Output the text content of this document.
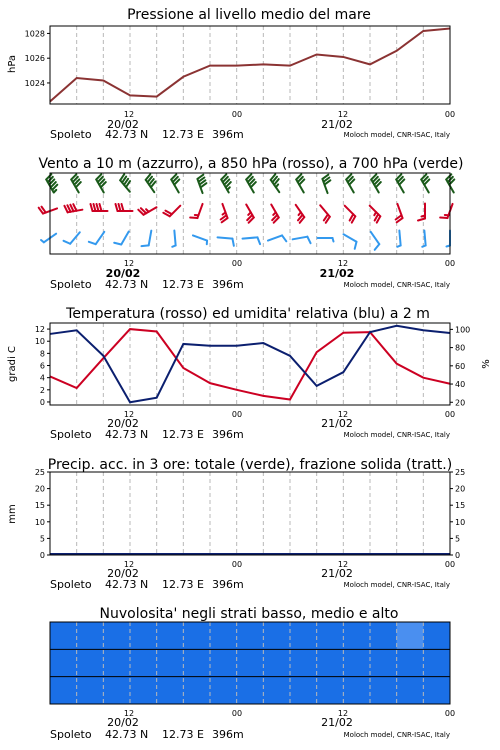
Pressione al livello medio del mare
hPa
1024
1026
1028
12	00	12	00
20/02	21/02
Spoleto 42.73 N 12.73 E 396m	Moloch model, CNR-ISAC, Italy
Vento a 10 m (azzurro), a 850 hPa (rosso), a 700 hPa (verde)
12	00	12	00
20/02	21/02
Spoleto 42.73 N 12.73 E 396m	Moloch model, CNR-ISAC, Italy
Temperatura (rosso) ed umidita' relativa (blu) a 2 m
gradi C	%
0
2
4
6
8
10
12
20
40
60
80
100
12	00	12	00
20/02	21/02
Spoleto 42.73 N 12.73 E 396m	Moloch model, CNR-ISAC, Italy
Precip. acc. in 3 ore: totale (verde), frazione solida (tratt.)
mm
0	0
5	5
10	10
15	15
20	20
25	25
12	00	12	00
20/02	21/02
Spoleto 42.73 N 12.73 E 396m	Moloch model, CNR-ISAC, Italy
Nuvolosita' negli strati basso, medio e alto
12	00	12	00
20/02	21/02
Spoleto 42.73 N 12.73 E 396m	Moloch model, CNR-ISAC, Italy
